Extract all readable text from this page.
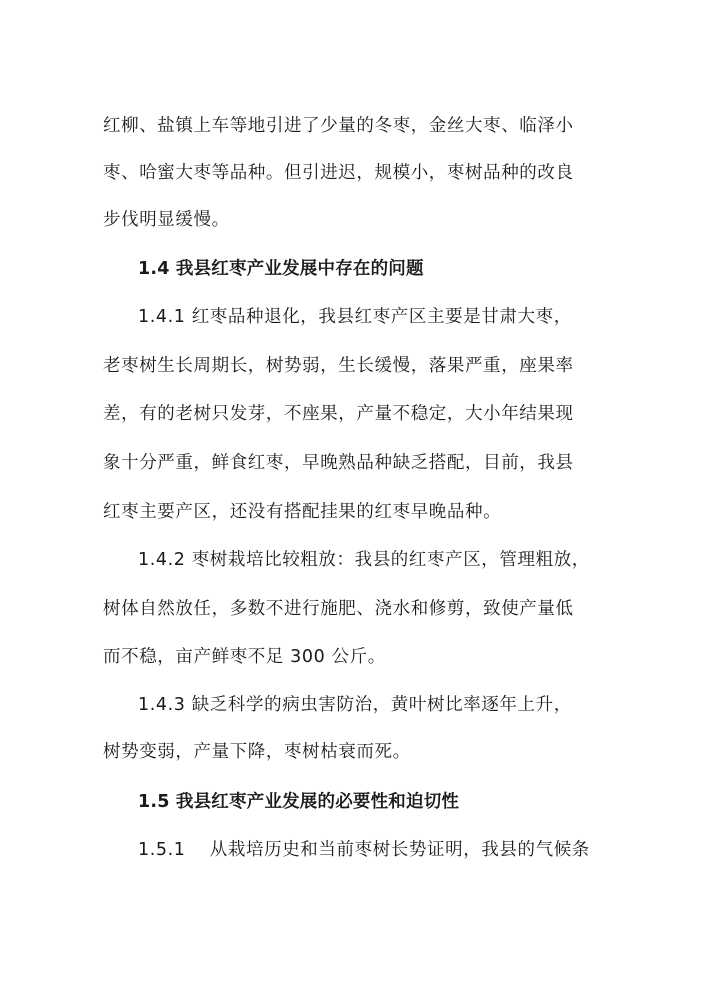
红柳、盐镇上车等地引进了少量的冬枣，金丝大枣、临泽小
枣、哈蜜大枣等品种。但引进迟，规模小，枣树品种的改良
步伐明显缓慢。
1.4 我县红枣产业发展中存在的问题
1.4.1 红枣品种退化，我县红枣产区主要是甘肃大枣，
老枣树生长周期长，树势弱，生长缓慢，落果严重，座果率
差，有的老树只发芽，不座果，产量不稳定，大小年结果现
象十分严重，鲜食红枣，早晚熟品种缺乏搭配，目前，我县
红枣主要产区，还没有搭配挂果的红枣早晚品种。
1.4.2 枣树栽培比较粗放：我县的红枣产区，管理粗放，
树体自然放任，多数不进行施肥、浇水和修剪，致使产量低
而不稳，亩产鲜枣不足 300 公斤。
1.4.3 缺乏科学的病虫害防治，黄叶树比率逐年上升，
树势变弱，产量下降，枣树枯衰而死。
1.5 我县红枣产业发展的必要性和迫切性
1.5.1　 从栽培历史和当前枣树长势证明，我县的气候条
